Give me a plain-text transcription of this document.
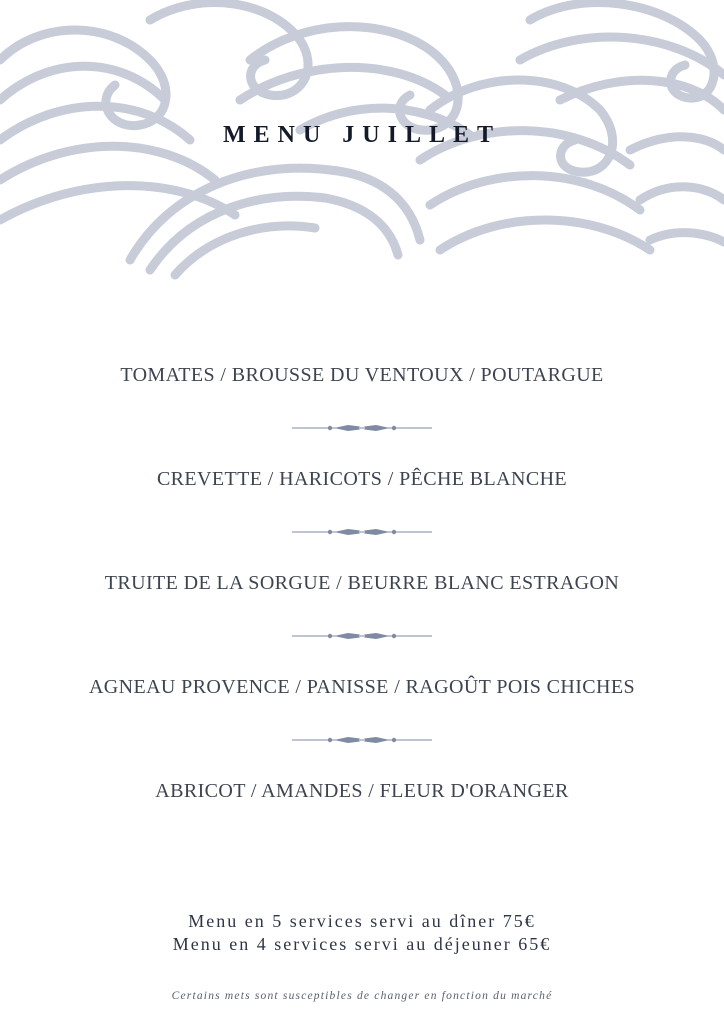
MENU JUILLET
TOMATES / BROUSSE DU VENTOUX / POUTARGUE
CREVETTE / HARICOTS / PÊCHE BLANCHE
TRUITE DE LA SORGUE / BEURRE BLANC ESTRAGON
AGNEAU PROVENCE / PANISSE / RAGOÛT POIS CHICHES
ABRICOT / AMANDES / FLEUR D'ORANGER
Menu en 5 services servi au dîner 75€
Menu en 4 services servi au déjeuner 65€
Certains mets sont susceptibles de changer en fonction du marché
